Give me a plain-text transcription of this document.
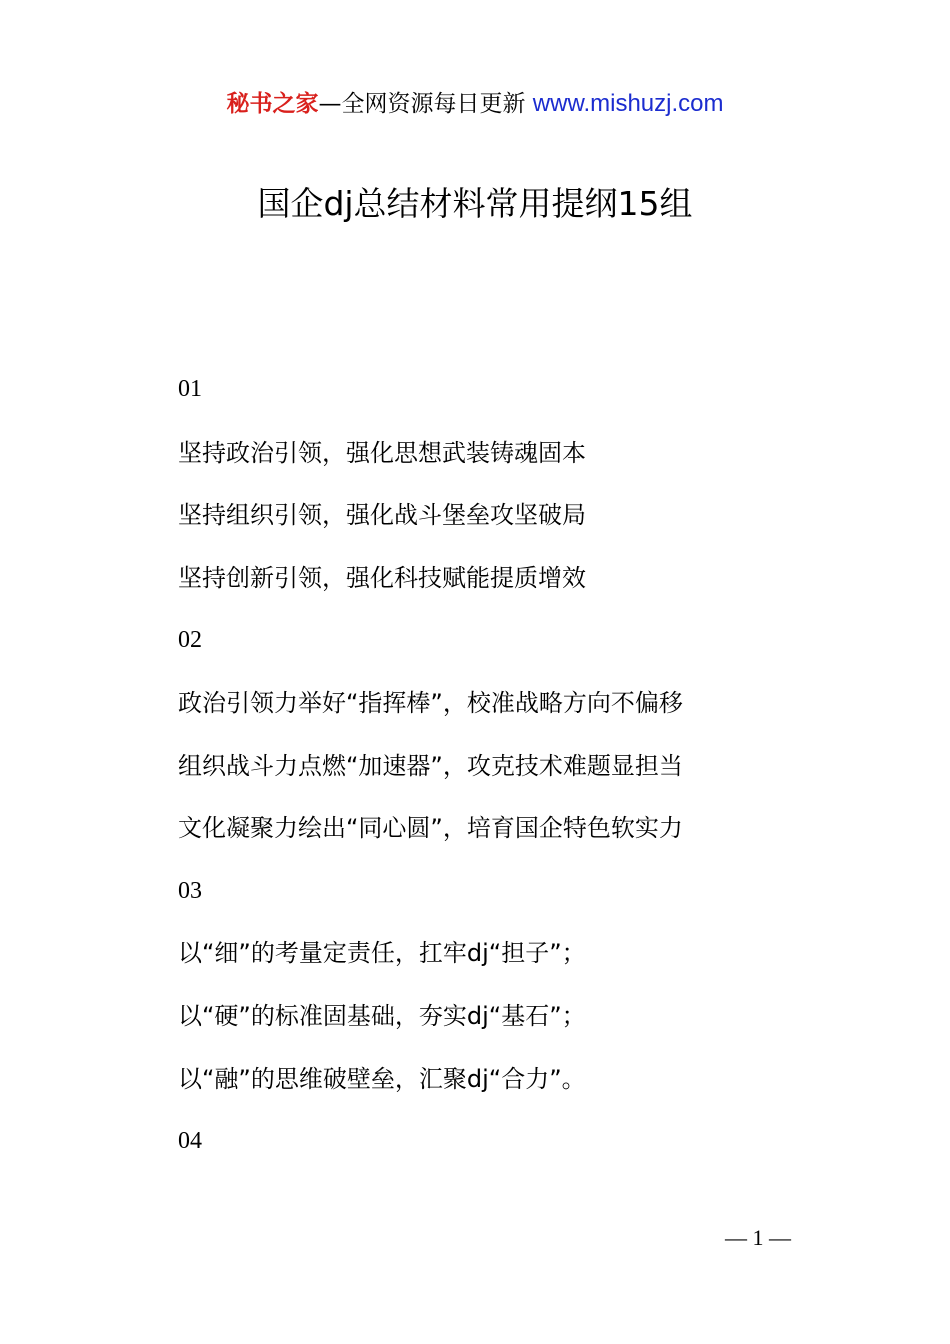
秘书之家—全网资源每日更新 www.mishuzj.com
国企dj总结材料常用提纲15组
01
坚持政治引领，强化思想武装铸魂固本
坚持组织引领，强化战斗堡垒攻坚破局
坚持创新引领，强化科技赋能提质增效
02
政治引领力举好“指挥棒”，校准战略方向不偏移
组织战斗力点燃“加速器”，攻克技术难题显担当
文化凝聚力绘出“同心圆”，培育国企特色软实力
03
以“细”的考量定责任，扛牢dj“担子”；
以“硬”的标准固基础，夯实dj“基石”；
以“融”的思维破壁垒，汇聚dj“合力”。
04
— 1 —
